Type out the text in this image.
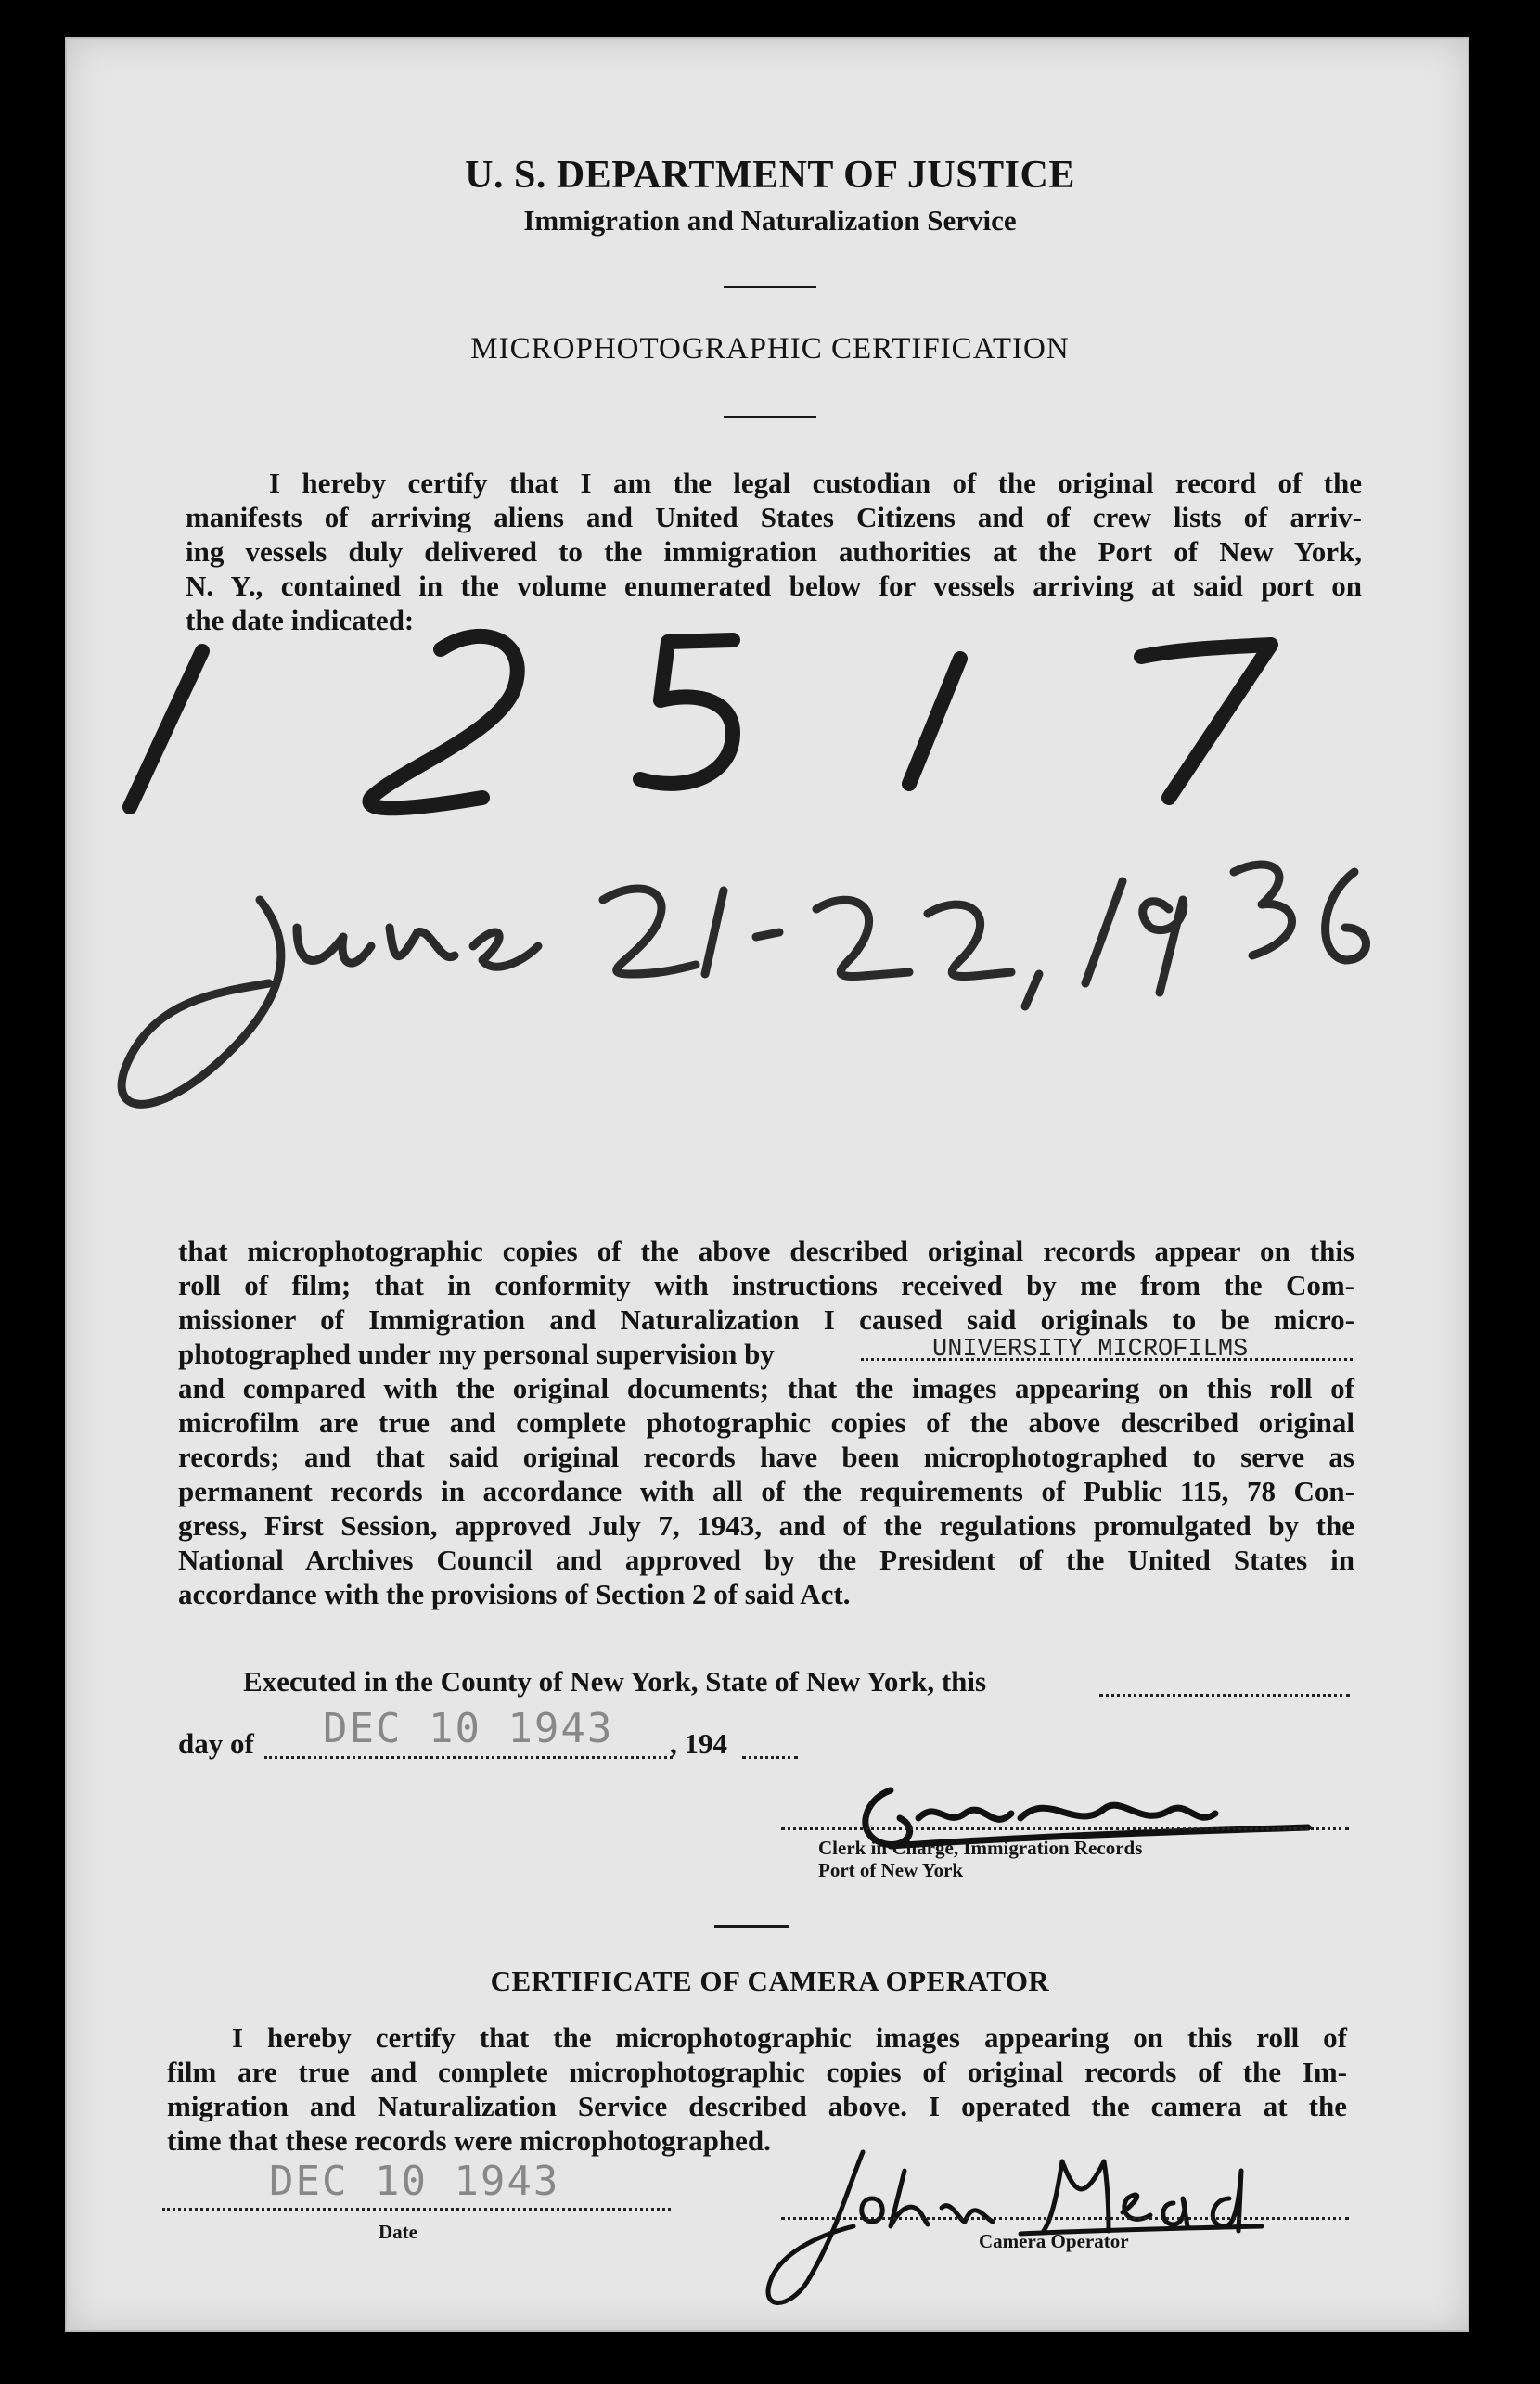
U. S. DEPARTMENT OF JUSTICE
Immigration and Naturalization Service
MICROPHOTOGRAPHIC CERTIFICATION
I hereby certify that I am the legal custodian of the original record of the
manifests of arriving aliens and United States Citizens and of crew lists of arriv-
ing vessels duly delivered to the immigration authorities at the Port of New York,
N. Y., contained in the volume enumerated below for vessels arriving at said port on
the date indicated:
that microphotographic copies of the above described original records appear on this
roll of film; that in conformity with instructions received by me from the Com-
missioner of Immigration and Naturalization I caused said originals to be micro-
photographed under my personal supervision by
and compared with the original documents; that the images appearing on this roll of
microfilm are true and complete photographic copies of the above described original
records; and that said original records have been microphotographed to serve as
permanent records in accordance with all of the requirements of Public 115, 78 Con-
gress, First Session, approved July 7, 1943, and of the regulations promulgated by the
National Archives Council and approved by the President of the United States in
accordance with the provisions of Section 2 of said Act.
UNIVERSITY MICROFILMS
Executed in the County of New York, State of New York, this
day of DEC 10 1943 , 194
Clerk in Charge, Immigration Records
Port of New York
CERTIFICATE OF CAMERA OPERATOR
I hereby certify that the microphotographic images appearing on this roll of
film are true and complete microphotographic copies of original records of the Im-
migration and Naturalization Service described above. I operated the camera at the
time that these records were microphotographed.
DEC 10 1943
Date	Camera Operator
